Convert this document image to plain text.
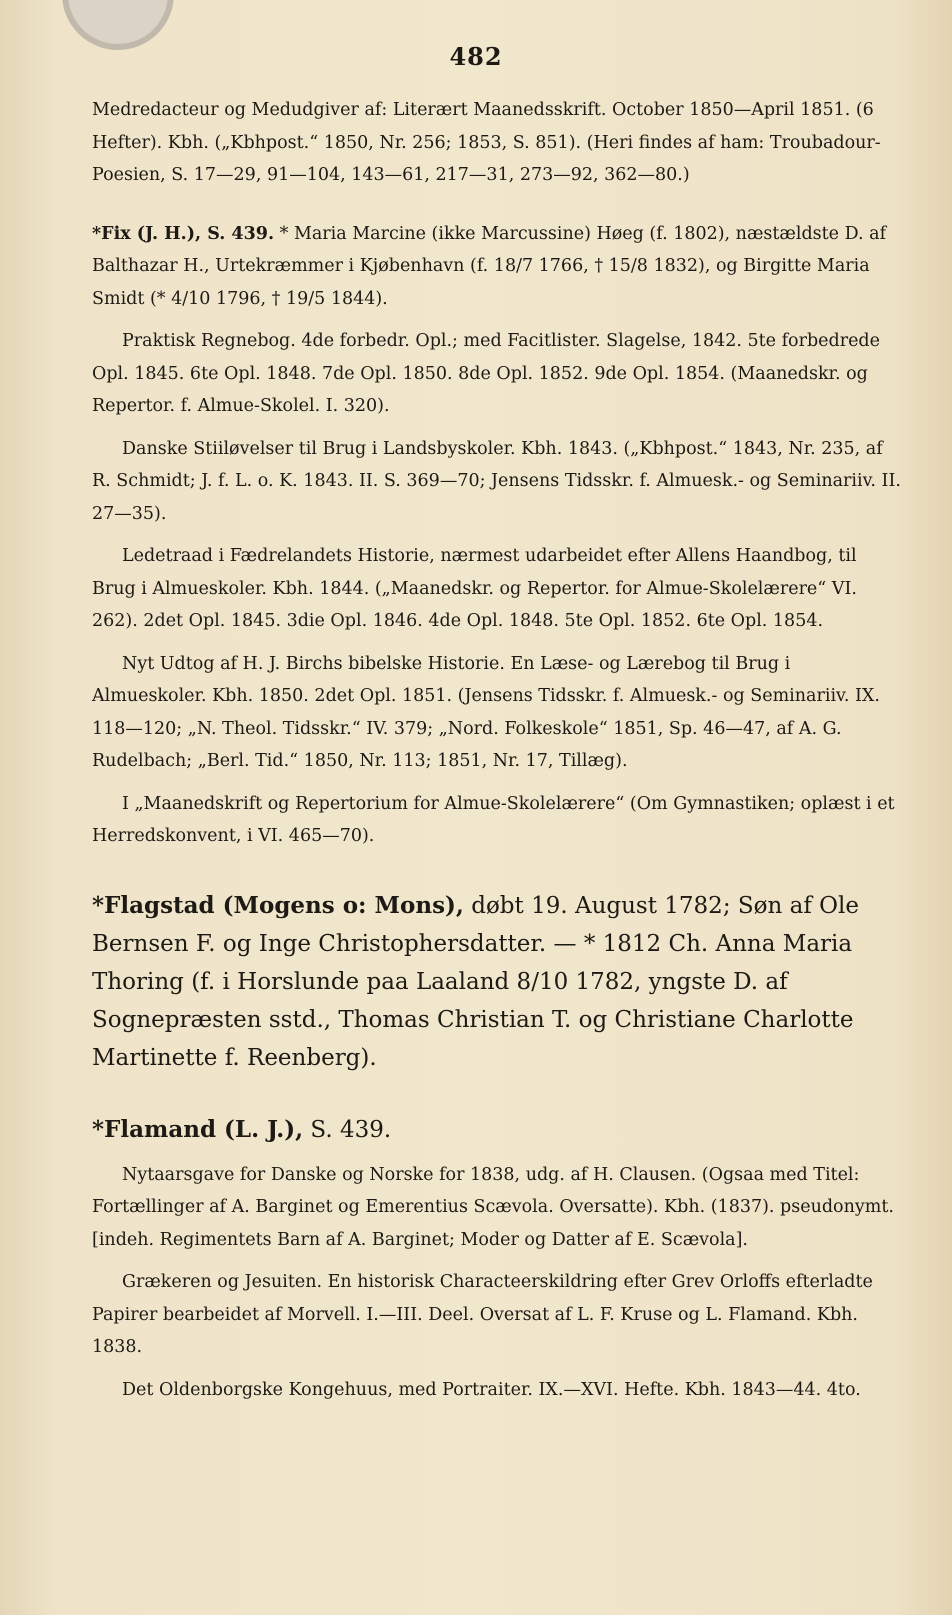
482

Medredacteur og Medudgiver af: Literært Maanedsskrift. October 1850—April 1851. (6 Hefter). Kbh. („Kbhpost.“ 1850, Nr. 256; 1853, S. 851). (Heri findes af ham: Troubadour-Poesien, S. 17—29, 91—104, 143—61, 217—31, 273—92, 362—80.)

*Fix (J. H.), S. 439. * Maria Marcine (ikke Marcussine) Høeg (f. 1802), næstældste D. af Balthazar H., Urtekræmmer i Kjøbenhavn (f. 18/7 1766, † 15/8 1832), og Birgitte Maria Smidt (* 4/10 1796, † 19/5 1844).

Praktisk Regnebog. 4de forbedr. Opl.; med Facitlister. Slagelse, 1842. 5te forbedrede Opl. 1845. 6te Opl. 1848. 7de Opl. 1850. 8de Opl. 1852. 9de Opl. 1854. (Maanedskr. og Repertor. f. Almue-Skolel. I. 320).

Danske Stiiløvelser til Brug i Landsbyskoler. Kbh. 1843. („Kbhpost.“ 1843, Nr. 235, af R. Schmidt; J. f. L. o. K. 1843. II. S. 369—70; Jensens Tidsskr. f. Almuesk.- og Seminariiv. II. 27—35).

Ledetraad i Fædrelandets Historie, nærmest udarbeidet efter Allens Haandbog, til Brug i Almueskoler. Kbh. 1844. („Maanedskr. og Repertor. for Almue-Skolelærere“ VI. 262). 2det Opl. 1845. 3die Opl. 1846. 4de Opl. 1848. 5te Opl. 1852. 6te Opl. 1854.

Nyt Udtog af H. J. Birchs bibelske Historie. En Læse- og Lærebog til Brug i Almueskoler. Kbh. 1850. 2det Opl. 1851. (Jensens Tidsskr. f. Almuesk.- og Seminariiv. IX. 118—120; „N. Theol. Tidsskr.“ IV. 379; „Nord. Folkeskole“ 1851, Sp. 46—47, af A. G. Rudelbach; „Berl. Tid.“ 1850, Nr. 113; 1851, Nr. 17, Tillæg).

I „Maanedskrift og Repertorium for Almue-Skolelærere“ (Om Gymnastiken; oplæst i et Herredskonvent, i VI. 465—70).

*Flagstad (Mogens o: Mons), døbt 19. August 1782; Søn af Ole Bernsen F. og Inge Christophersdatter. — * 1812 Ch. Anna Maria Thoring (f. i Horslunde paa Laaland 8/10 1782, yngste D. af Sognepræsten sstd., Thomas Christian T. og Christiane Charlotte Martinette f. Reenberg).

*Flamand (L. J.), S. 439.

Nytaarsgave for Danske og Norske for 1838, udg. af H. Clausen. (Ogsaa med Titel: Fortællinger af A. Barginet og Emerentius Scævola. Oversatte). Kbh. (1837). pseudonymt. [indeh. Regimentets Barn af A. Barginet; Moder og Datter af E. Scævola].

Grækeren og Jesuiten. En historisk Characteerskildring efter Grev Orloffs efterladte Papirer bearbeidet af Morvell. I.—III. Deel. Oversat af L. F. Kruse og L. Flamand. Kbh. 1838.

Det Oldenborgske Kongehuus, med Portraiter. IX.—XVI. Hefte. Kbh. 1843—44. 4to.
